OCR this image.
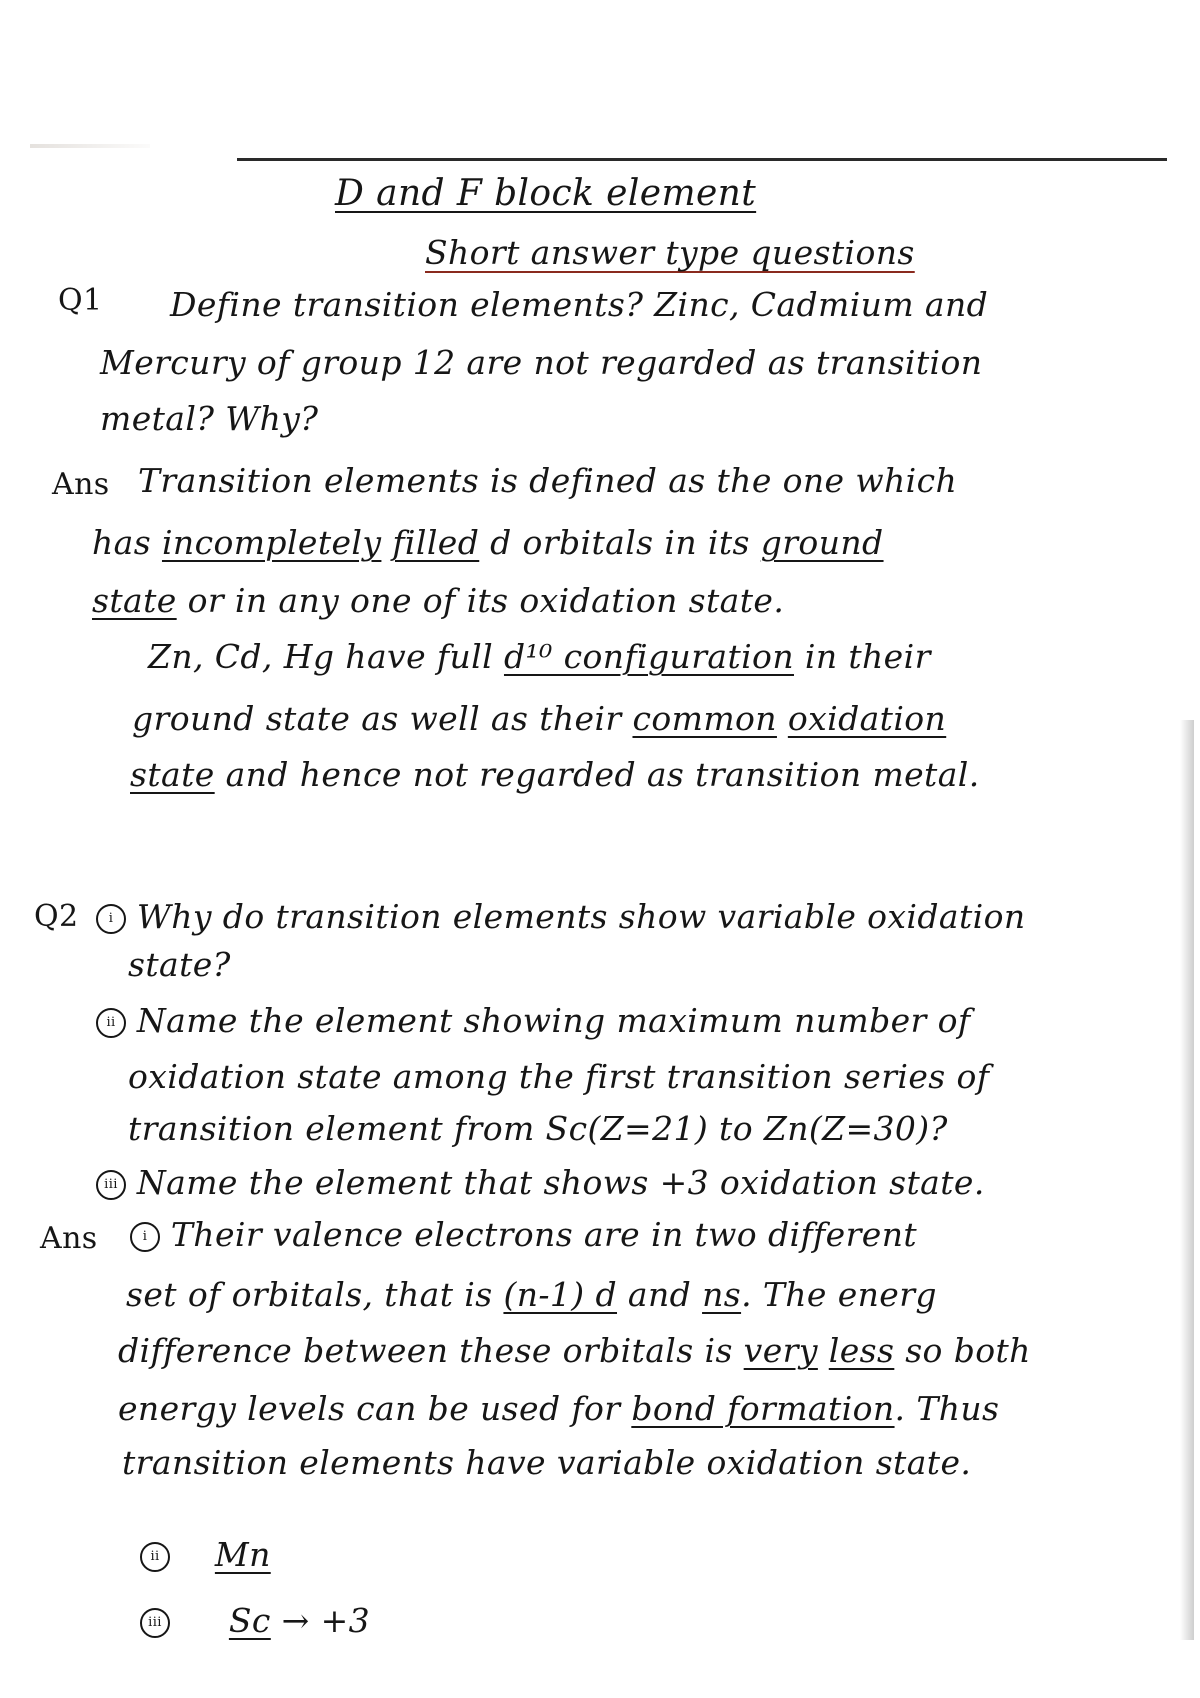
D and F block element
Short answer type questions
Q1 Define transition elements? Zinc, Cadmium and
Mercury of group 12 are not regarded as transition
metal? Why?
Ans Transition elements is defined as the one which
has incompletely filled d orbitals in its ground
state or in any one of its oxidation state.
Zn, Cd, Hg have full d¹⁰ configuration in their
ground state as well as their common oxidation
state and hence not regarded as transition metal.
Q2	i Why do transition elements show variable oxidation
state?
ii Name the element showing maximum number of
oxidation state among the first transition series of
transition element from Sc(Z=21) to Zn(Z=30)?
iii Name the element that shows +3 oxidation state.
Ans	i Their valence electrons are in two different
set of orbitals, that is (n-1) d and ns. The energ
difference between these orbitals is very less so both
energy levels can be used for bond formation. Thus
transition elements have variable oxidation state.
ii Mn
iii Sc → +3
